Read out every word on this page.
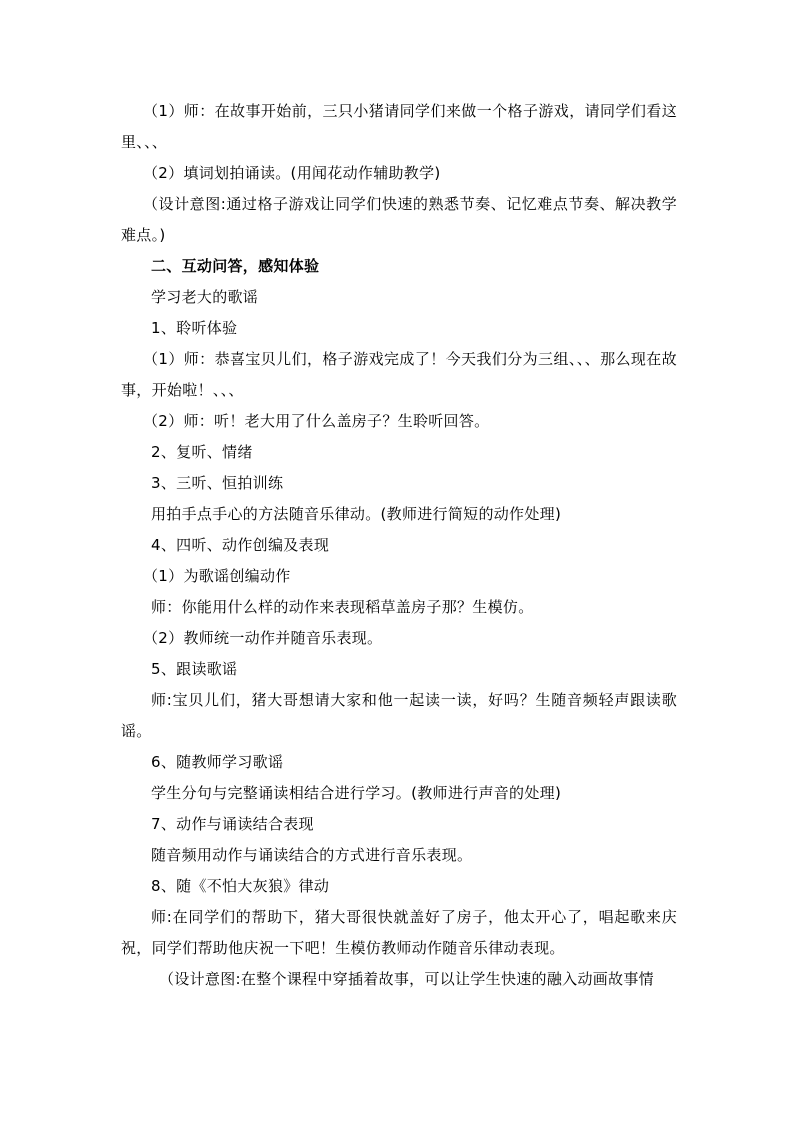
（1）师：在故事开始前，三只小猪请同学们来做一个格子游戏，请同学们看这里、、、

（2）填词划拍诵读。(用闻花动作辅助教学)

（设计意图:通过格子游戏让同学们快速的熟悉节奏、记忆难点节奏、解决教学难点。)

二、互动问答，感知体验

学习老大的歌谣

1、聆听体验

（1）师：恭喜宝贝儿们，格子游戏完成了！今天我们分为三组、、、那么现在故事，开始啦！、、、

（2）师：听！老大用了什么盖房子？生聆听回答。

2、复听、情绪

3、三听、恒拍训练

用拍手点手心的方法随音乐律动。(教师进行简短的动作处理)

4、四听、动作创编及表现

（1）为歌谣创编动作

师：你能用什么样的动作来表现稻草盖房子那？生模仿。

（2）教师统一动作并随音乐表现。

5、跟读歌谣

师:宝贝儿们，猪大哥想请大家和他一起读一读，好吗？生随音频轻声跟读歌谣。

6、随教师学习歌谣

学生分句与完整诵读相结合进行学习。(教师进行声音的处理)

7、动作与诵读结合表现

随音频用动作与诵读结合的方式进行音乐表现。

8、随《不怕大灰狼》律动

师:在同学们的帮助下，猪大哥很快就盖好了房子，他太开心了，唱起歌来庆祝，同学们帮助他庆祝一下吧！生模仿教师动作随音乐律动表现。

（设计意图:在整个课程中穿插着故事，可以让学生快速的融入动画故事情
